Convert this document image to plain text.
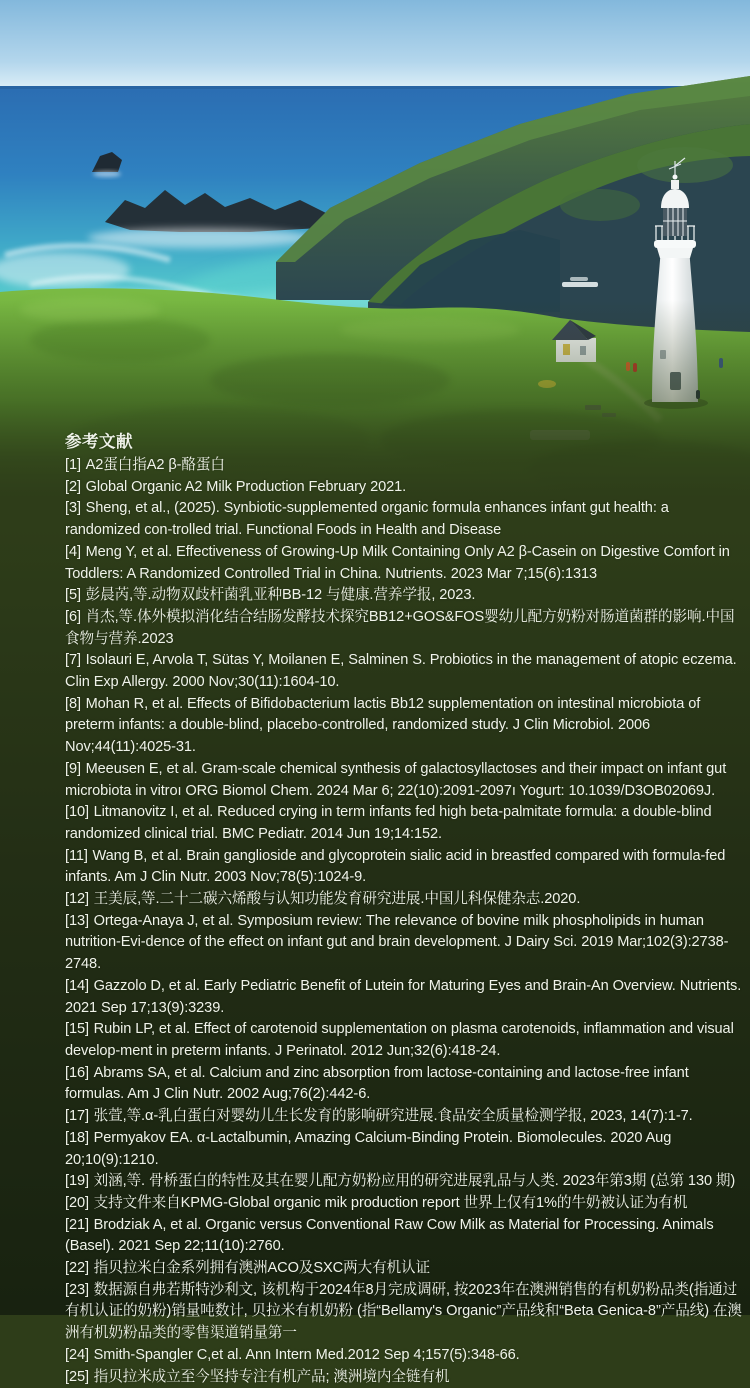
参考文献

[1] A2蛋白指A2 β-酪蛋白

[2] Global Organic A2 Milk Production February 2021.

[3] Sheng, et al., (2025). Synbiotic-supplemented organic formula enhances infant gut health: a randomized con-trolled trial. Functional Foods in Health and Disease

[4] Meng Y, et al. Effectiveness of Growing-Up Milk Containing Only A2 β-Casein on Digestive Comfort in Toddlers: A Randomized Controlled Trial in China. Nutrients. 2023 Mar 7;15(6):1313

[5] 彭晨芮,等.动物双歧杆菌乳亚种BB-12 与健康.营养学报, 2023.

[6] 肖杰,等.体外模拟消化结合结肠发酵技术探究BB12+GOS&FOS婴幼儿配方奶粉对肠道菌群的影响.中国食物与营养.2023

[7] Isolauri E, Arvola T, Sütas Y, Moilanen E, Salminen S. Probiotics in the management of atopic eczema. Clin Exp Allergy. 2000 Nov;30(11):1604-10.

[8] Mohan R, et al. Effects of Bifidobacterium lactis Bb12 supplementation on intestinal microbiota of preterm infants: a double-blind, placebo-controlled, randomized study. J Clin Microbiol. 2006 Nov;44(11):4025-31.

[9] Meeusen E, et al. Gram-scale chemical synthesis of galactosyllactoses and their impact on infant gut microbiota in vitroı ORG Biomol Chem. 2024 Mar 6; 22(10):2091-2097ı Yogurt: 10.1039/D3OB02069J.

[10] Litmanovitz I, et al. Reduced crying in term infants fed high beta-palmitate formula: a double-blind randomized clinical trial. BMC Pediatr. 2014 Jun 19;14:152.

[11] Wang B, et al. Brain ganglioside and glycoprotein sialic acid in breastfed compared with formula-fed infants. Am J Clin Nutr. 2003 Nov;78(5):1024-9.

[12] 王美辰,等.二十二碳六烯酸与认知功能发育研究进展.中国儿科保健杂志.2020.

[13] Ortega-Anaya J, et al. Symposium review: The relevance of bovine milk phospholipids in human nutrition-Evi-dence of the effect on infant gut and brain development. J Dairy Sci. 2019 Mar;102(3):2738-2748.

[14] Gazzolo D, et al. Early Pediatric Benefit of Lutein for Maturing Eyes and Brain-An Overview. Nutrients. 2021 Sep 17;13(9):3239.

[15] Rubin LP, et al. Effect of carotenoid supplementation on plasma carotenoids, inflammation and visual develop-ment in preterm infants. J Perinatol. 2012 Jun;32(6):418-24.

[16] Abrams SA, et al. Calcium and zinc absorption from lactose-containing and lactose-free infant formulas. Am J Clin Nutr. 2002 Aug;76(2):442-6.

[17] 张萱,等.α-乳白蛋白对婴幼儿生长发育的影响研究进展.食品安全质量检测学报, 2023, 14(7):1-7.

[18] Permyakov EA. α-Lactalbumin, Amazing Calcium-Binding Protein. Biomolecules. 2020 Aug 20;10(9):1210.

[19] 刘涵,等. 骨桥蛋白的特性及其在婴儿配方奶粉应用的研究进展乳品与人类. 2023年第3期 (总第 130 期)

[20] 支持文件来自KPMG-Global organic mik production report 世界上仅有1%的牛奶被认证为有机

[21] Brodziak A, et al. Organic versus Conventional Raw Cow Milk as Material for Processing. Animals (Basel). 2021 Sep 22;11(10):2760.

[22] 指贝拉米白金系列拥有澳洲ACO及SXC两大有机认证

[23] 数据源自弗若斯特沙利文, 该机构于2024年8月完成调研, 按2023年在澳洲销售的有机奶粉品类(指通过有机认证的奶粉)销量吨数计, 贝拉米有机奶粉 (指“Bellamy's Organic”产品线和“Beta Genica-8”产品线) 在澳洲有机奶粉品类的零售渠道销量第一

[24] Smith-Spangler C,et al. Ann Intern Med.2012 Sep 4;157(5):348-66.

[25] 指贝拉米成立至今坚持专注有机产品; 澳洲境内全链有机
